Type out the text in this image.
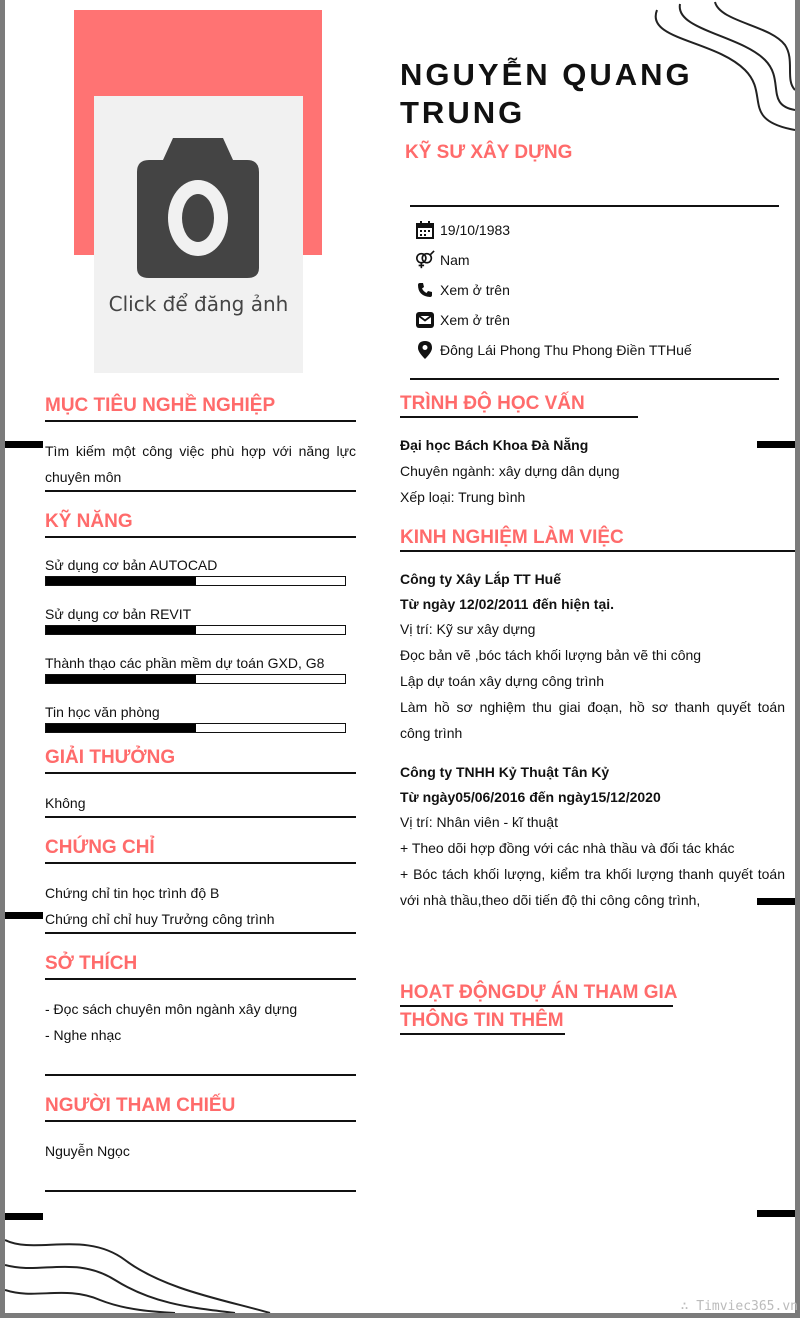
Click để đăng ảnh
NGUYỄN QUANG TRUNG
KỸ SƯ XÂY DỰNG
19/10/1983
Nam
Xem ở trên
Xem ở trên
Đông Lái Phong Thu Phong Điền TTHuế
MỤC TIÊU NGHỀ NGHIỆP
Tìm kiếm một công việc phù hợp với năng lực chuyên môn
KỸ NĂNG
Sử dụng cơ bản AUTOCAD
Sử dụng cơ bản REVIT
Thành thạo các phần mềm dự toán GXD, G8
Tin học văn phòng
GIẢI THƯỞNG
Không
CHỨNG CHỈ
Chứng chỉ tin học trình độ B
Chứng chỉ chỉ huy Trưởng công trình
SỞ THÍCH
- Đọc sách chuyên môn ngành xây dựng
- Nghe nhạc
NGƯỜI THAM CHIẾU
Nguyễn Ngọc
TRÌNH ĐỘ HỌC VẤN
Đại học Bách Khoa Đà Nẵng
Chuyên ngành: xây dựng dân dụng
Xếp loại: Trung bình
KINH NGHIỆM LÀM VIỆC
Công ty Xây Lắp TT Huế
Từ ngày 12/02/2011 đến hiện tại.
Vị trí: Kỹ sư xây dựng
Đọc bản vẽ ,bóc tách khối lượng bản vẽ thi công
Lập dự toán xây dựng công trình
Làm hồ sơ nghiệm thu giai đoạn, hồ sơ thanh quyết toán công trình
Công ty TNHH Kỷ Thuật Tân Kỷ
Từ ngày05/06/2016 đến ngày15/12/2020
Vị trí: Nhân viên - kĩ thuật
+ Theo dõi hợp đồng với các nhà thầu và đối tác khác
+ Bóc tách khối lượng, kiểm tra khối lượng thanh quyết toán với nhà thầu,theo dõi tiến độ thi công công trình,
HOẠT ĐỘNGDỰ ÁN THAM GIA
THÔNG TIN THÊM
∴ Timviec365.vn
